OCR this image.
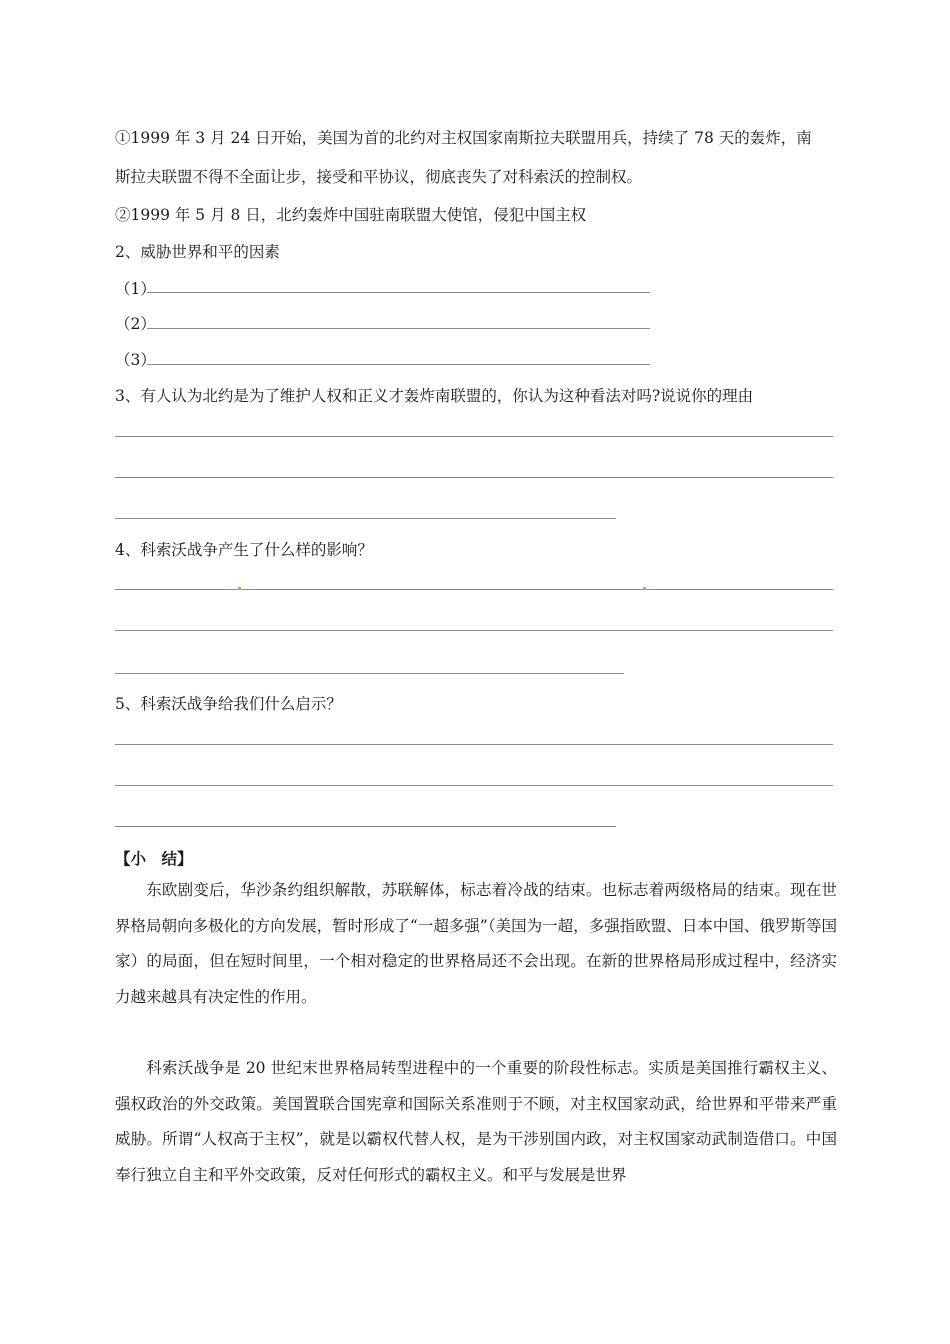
①1999 年 3 月 24 日开始，美国为首的北约对主权国家南斯拉夫联盟用兵，持续了 78 天的轰炸，南
斯拉夫联盟不得不全面让步，接受和平协议，彻底丧失了对科索沃的控制权。
②1999 年 5 月 8 日，北约轰炸中国驻南联盟大使馆，侵犯中国主权
2、威胁世界和平的因素
（1）
（2）
（3）
3、有人认为北约是为了维护人权和正义才轰炸南联盟的，你认为这种看法对吗?说说你的理由
4、科索沃战争产生了什么样的影响？
5、科索沃战争给我们什么启示？
【小　结】
东欧剧变后，华沙条约组织解散，苏联解体，标志着冷战的结束。也标志着两级格局的结束。现在世界格局朝向多极化的方向发展，暂时形成了“一超多强”（美国为一超，多强指欧盟、日本中国、俄罗斯等国家）的局面，但在短时间里，一个相对稳定的世界格局还不会出现。在新的世界格局形成过程中，经济实力越来越具有决定性的作用。
科索沃战争是 20 世纪末世界格局转型进程中的一个重要的阶段性标志。实质是美国推行霸权主义、强权政治的外交政策。美国置联合国宪章和国际关系准则于不顾，对主权国家动武，给世界和平带来严重威胁。所谓“人权高于主权”，就是以霸权代替人权，是为干涉别国内政，对主权国家动武制造借口。中国奉行独立自主和平外交政策，反对任何形式的霸权主义。和平与发展是世界
